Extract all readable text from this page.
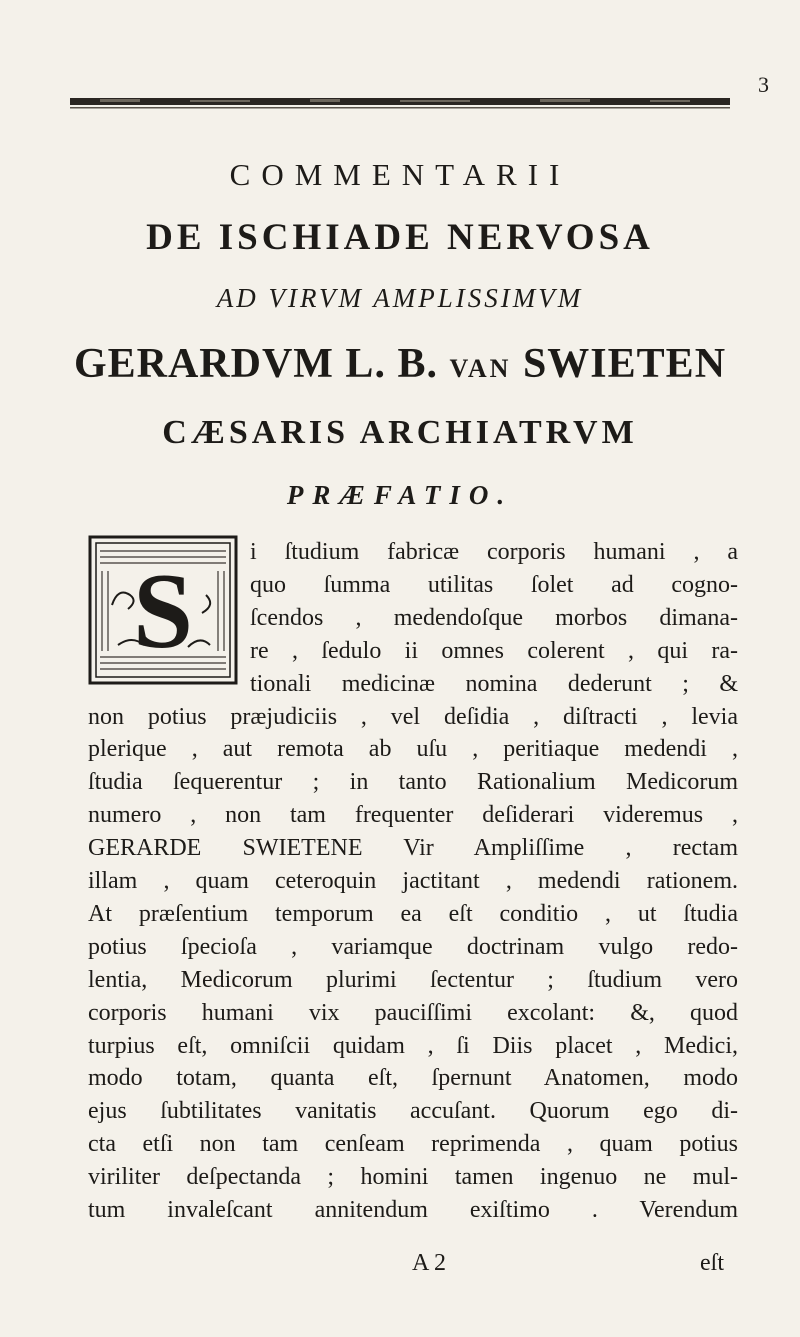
3
COMMENTARII
DE ISCHIADE NERVOSA
AD VIRVM AMPLISSIMVM
GERARDVM L. B. VAN SWIETEN
CÆSARIS ARCHIATRVM
PRÆFATIO.
S i ſtudium fabricæ corporis humani , a
quo ſumma utilitas ſolet ad cogno-
ſcendos , medendoſque morbos dimana-
re , ſedulo ii omnes colerent , qui ra-
tionali medicinæ nomina dederunt ; &
non potius præjudiciis , vel deſidia , diſtracti , levia
plerique , aut remota ab uſu , peritiaque medendi ,
ſtudia ſequerentur ; in tanto Rationalium Medicorum
numero , non tam frequenter deſiderari videremus ,
GERARDE SWIETENE Vir Ampliſſime , rectam
illam , quam ceteroquin jactitant , medendi rationem.
At præſentium temporum ea eſt conditio , ut ſtudia
potius ſpecioſa , variamque doctrinam vulgo redo-
lentia, Medicorum plurimi ſectentur ; ſtudium vero
corporis humani vix pauciſſimi excolant: &, quod
turpius eſt, omniſcii quidam , ſi Diis placet , Medici,
modo totam, quanta eſt, ſpernunt Anatomen, modo
ejus ſubtilitates vanitatis accuſant. Quorum ego di-
cta etſi non tam cenſeam reprimenda , quam potius
viriliter deſpectanda ; homini tamen ingenuo ne mul-
tum invaleſcant annitendum exiſtimo . Verendum
A 2	eſt
